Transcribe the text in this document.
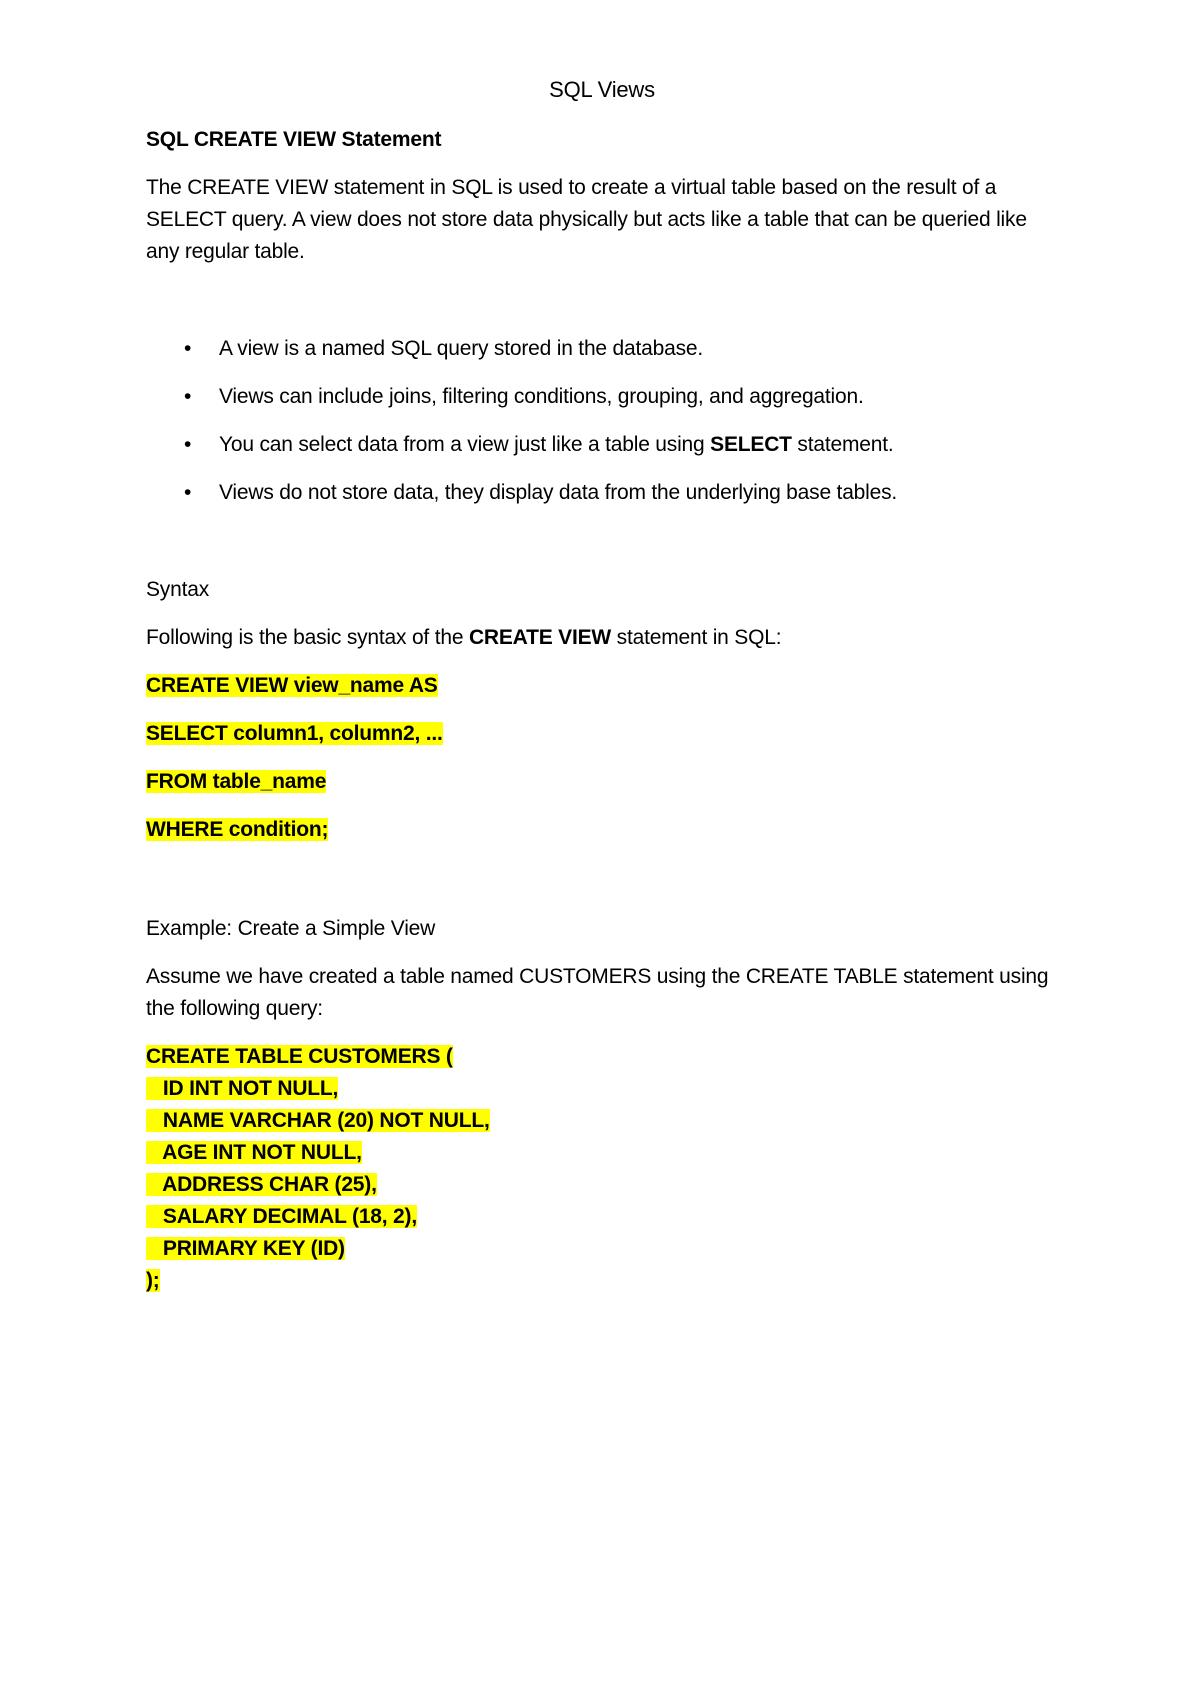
SQL Views
SQL CREATE VIEW Statement

The CREATE VIEW statement in SQL is used to create a virtual table based on the result of a SELECT query. A view does not store data physically but acts like a table that can be queried like any regular table.

• A view is a named SQL query stored in the database.
• Views can include joins, filtering conditions, grouping, and aggregation.
• You can select data from a view just like a table using SELECT statement.
• Views do not store data, they display data from the underlying base tables.
Syntax
Following is the basic syntax of the CREATE VIEW statement in SQL:
CREATE VIEW view_name AS
SELECT column1, column2, ...
FROM table_name
WHERE condition;
Example: Create a Simple View

Assume we have created a table named CUSTOMERS using the CREATE TABLE statement using the following query:

CREATE TABLE CUSTOMERS (
ID INT NOT NULL,
NAME VARCHAR (20) NOT NULL,
AGE INT NOT NULL,
ADDRESS CHAR (25),
SALARY DECIMAL (18, 2),
PRIMARY KEY (ID)
);
